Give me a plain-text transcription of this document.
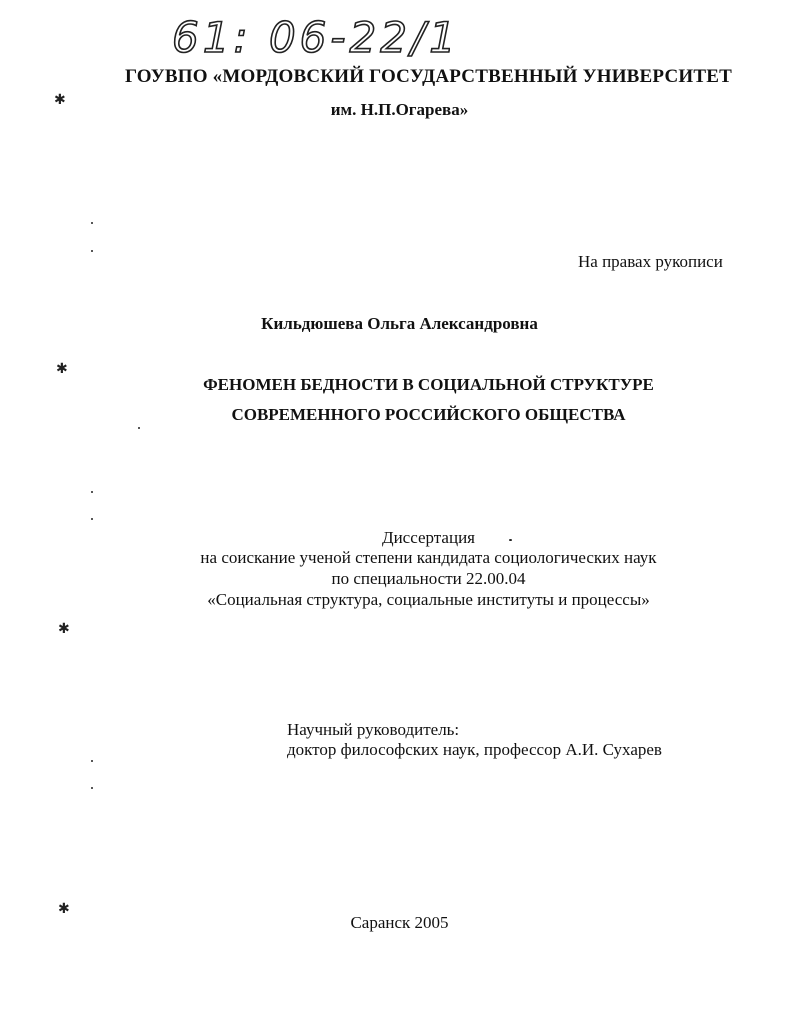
61: 06-22/1
ГОУВПО «МОРДОВСКИЙ ГОСУДАРСТВЕННЫЙ УНИВЕРСИТЕТ
им. Н.П.Огарева»
На правах рукописи
Кильдюшева Ольга Александровна
ФЕНОМЕН БЕДНОСТИ В СОЦИАЛЬНОЙ СТРУКТУРЕ
СОВРЕМЕННОГО РОССИЙСКОГО ОБЩЕСТВА
Диссертация
на соискание ученой степени кандидата социологических наук
по специальности 22.00.04
«Социальная структура, социальные институты и процессы»
Научный руководитель:
доктор философских наук, профессор А.И. Сухарев
Саранск 2005
✱
✱
✱
✱
